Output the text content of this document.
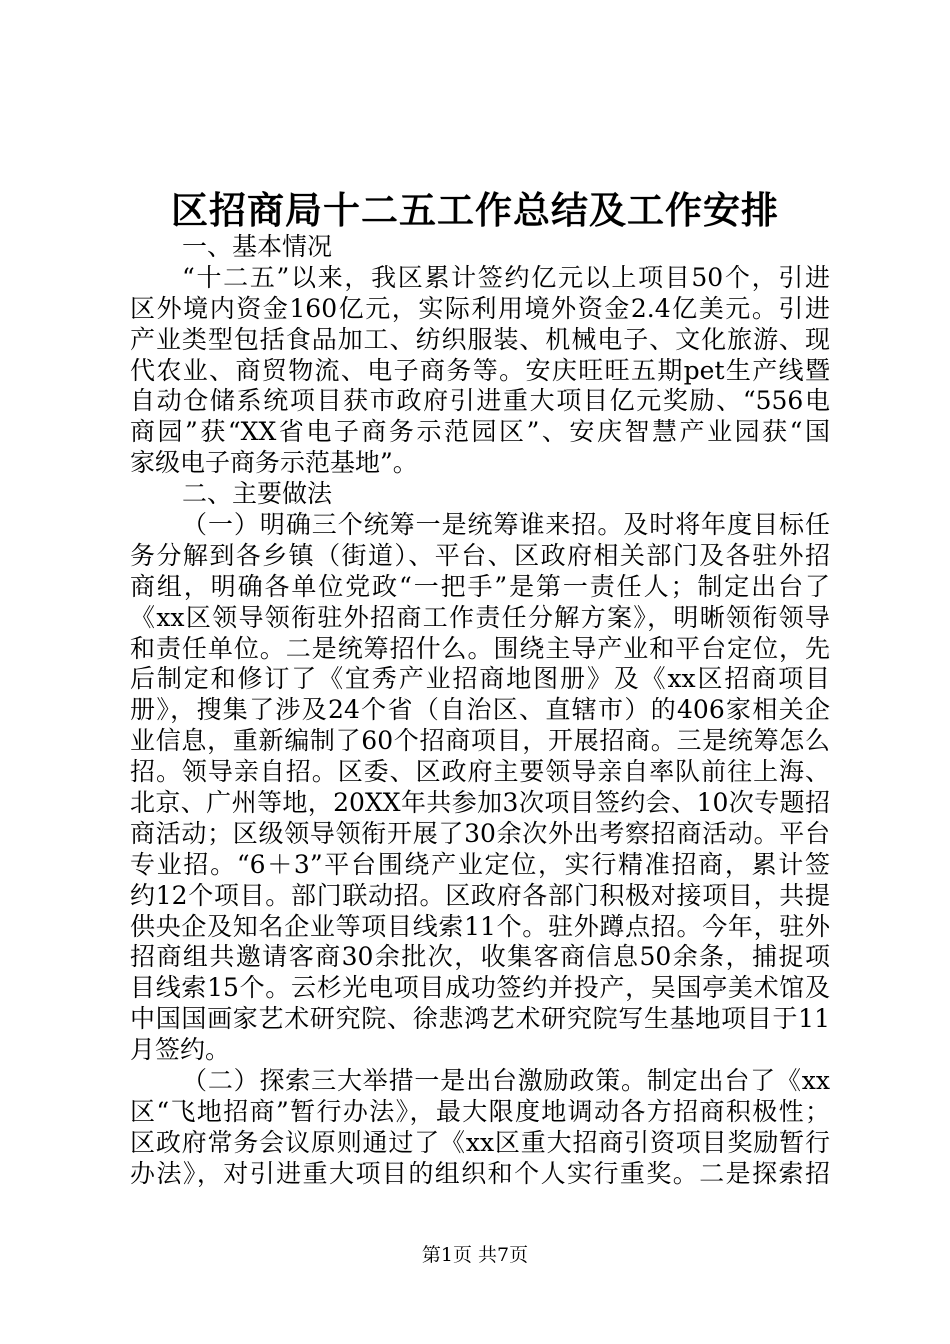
区招商局十二五工作总结及工作安排
一、基本情况
“十二五”以来，我区累计签约亿元以上项目50个，引进
区外境内资金160亿元，实际利用境外资金2.4亿美元。引进
产业类型包括食品加工、纺织服装、机械电子、文化旅游、现
代农业、商贸物流、电子商务等。安庆旺旺五期pet生产线暨
自动仓储系统项目获市政府引进重大项目亿元奖励、“556电
商园”获“XX省电子商务示范园区”、安庆智慧产业园获“国
家级电子商务示范基地”。
二、主要做法
（一）明确三个统筹一是统筹谁来招。及时将年度目标任
务分解到各乡镇（街道）、平台、区政府相关部门及各驻外招
商组，明确各单位党政“一把手”是第一责任人；制定出台了
《xx区领导领衔驻外招商工作责任分解方案》，明晰领衔领导
和责任单位。二是统筹招什么。围绕主导产业和平台定位，先
后制定和修订了《宜秀产业招商地图册》及《xx区招商项目
册》，搜集了涉及24个省（自治区、直辖市）的406家相关企
业信息，重新编制了60个招商项目，开展招商。三是统筹怎么
招。领导亲自招。区委、区政府主要领导亲自率队前往上海、
北京、广州等地，20XX年共参加3次项目签约会、10次专题招
商活动；区级领导领衔开展了30余次外出考察招商活动。平台
专业招。“6＋3”平台围绕产业定位，实行精准招商，累计签
约12个项目。部门联动招。区政府各部门积极对接项目，共提
供央企及知名企业等项目线索11个。驻外蹲点招。今年，驻外
招商组共邀请客商30余批次，收集客商信息50余条，捕捉项
目线索15个。云杉光电项目成功签约并投产，吴国亭美术馆及
中国国画家艺术研究院、徐悲鸿艺术研究院写生基地项目于11
月签约。
（二）探索三大举措一是出台激励政策。制定出台了《xx
区“飞地招商”暂行办法》，最大限度地调动各方招商积极性；
区政府常务会议原则通过了《xx区重大招商引资项目奖励暂行
办法》，对引进重大项目的组织和个人实行重奖。二是探索招
第1页 共7页
